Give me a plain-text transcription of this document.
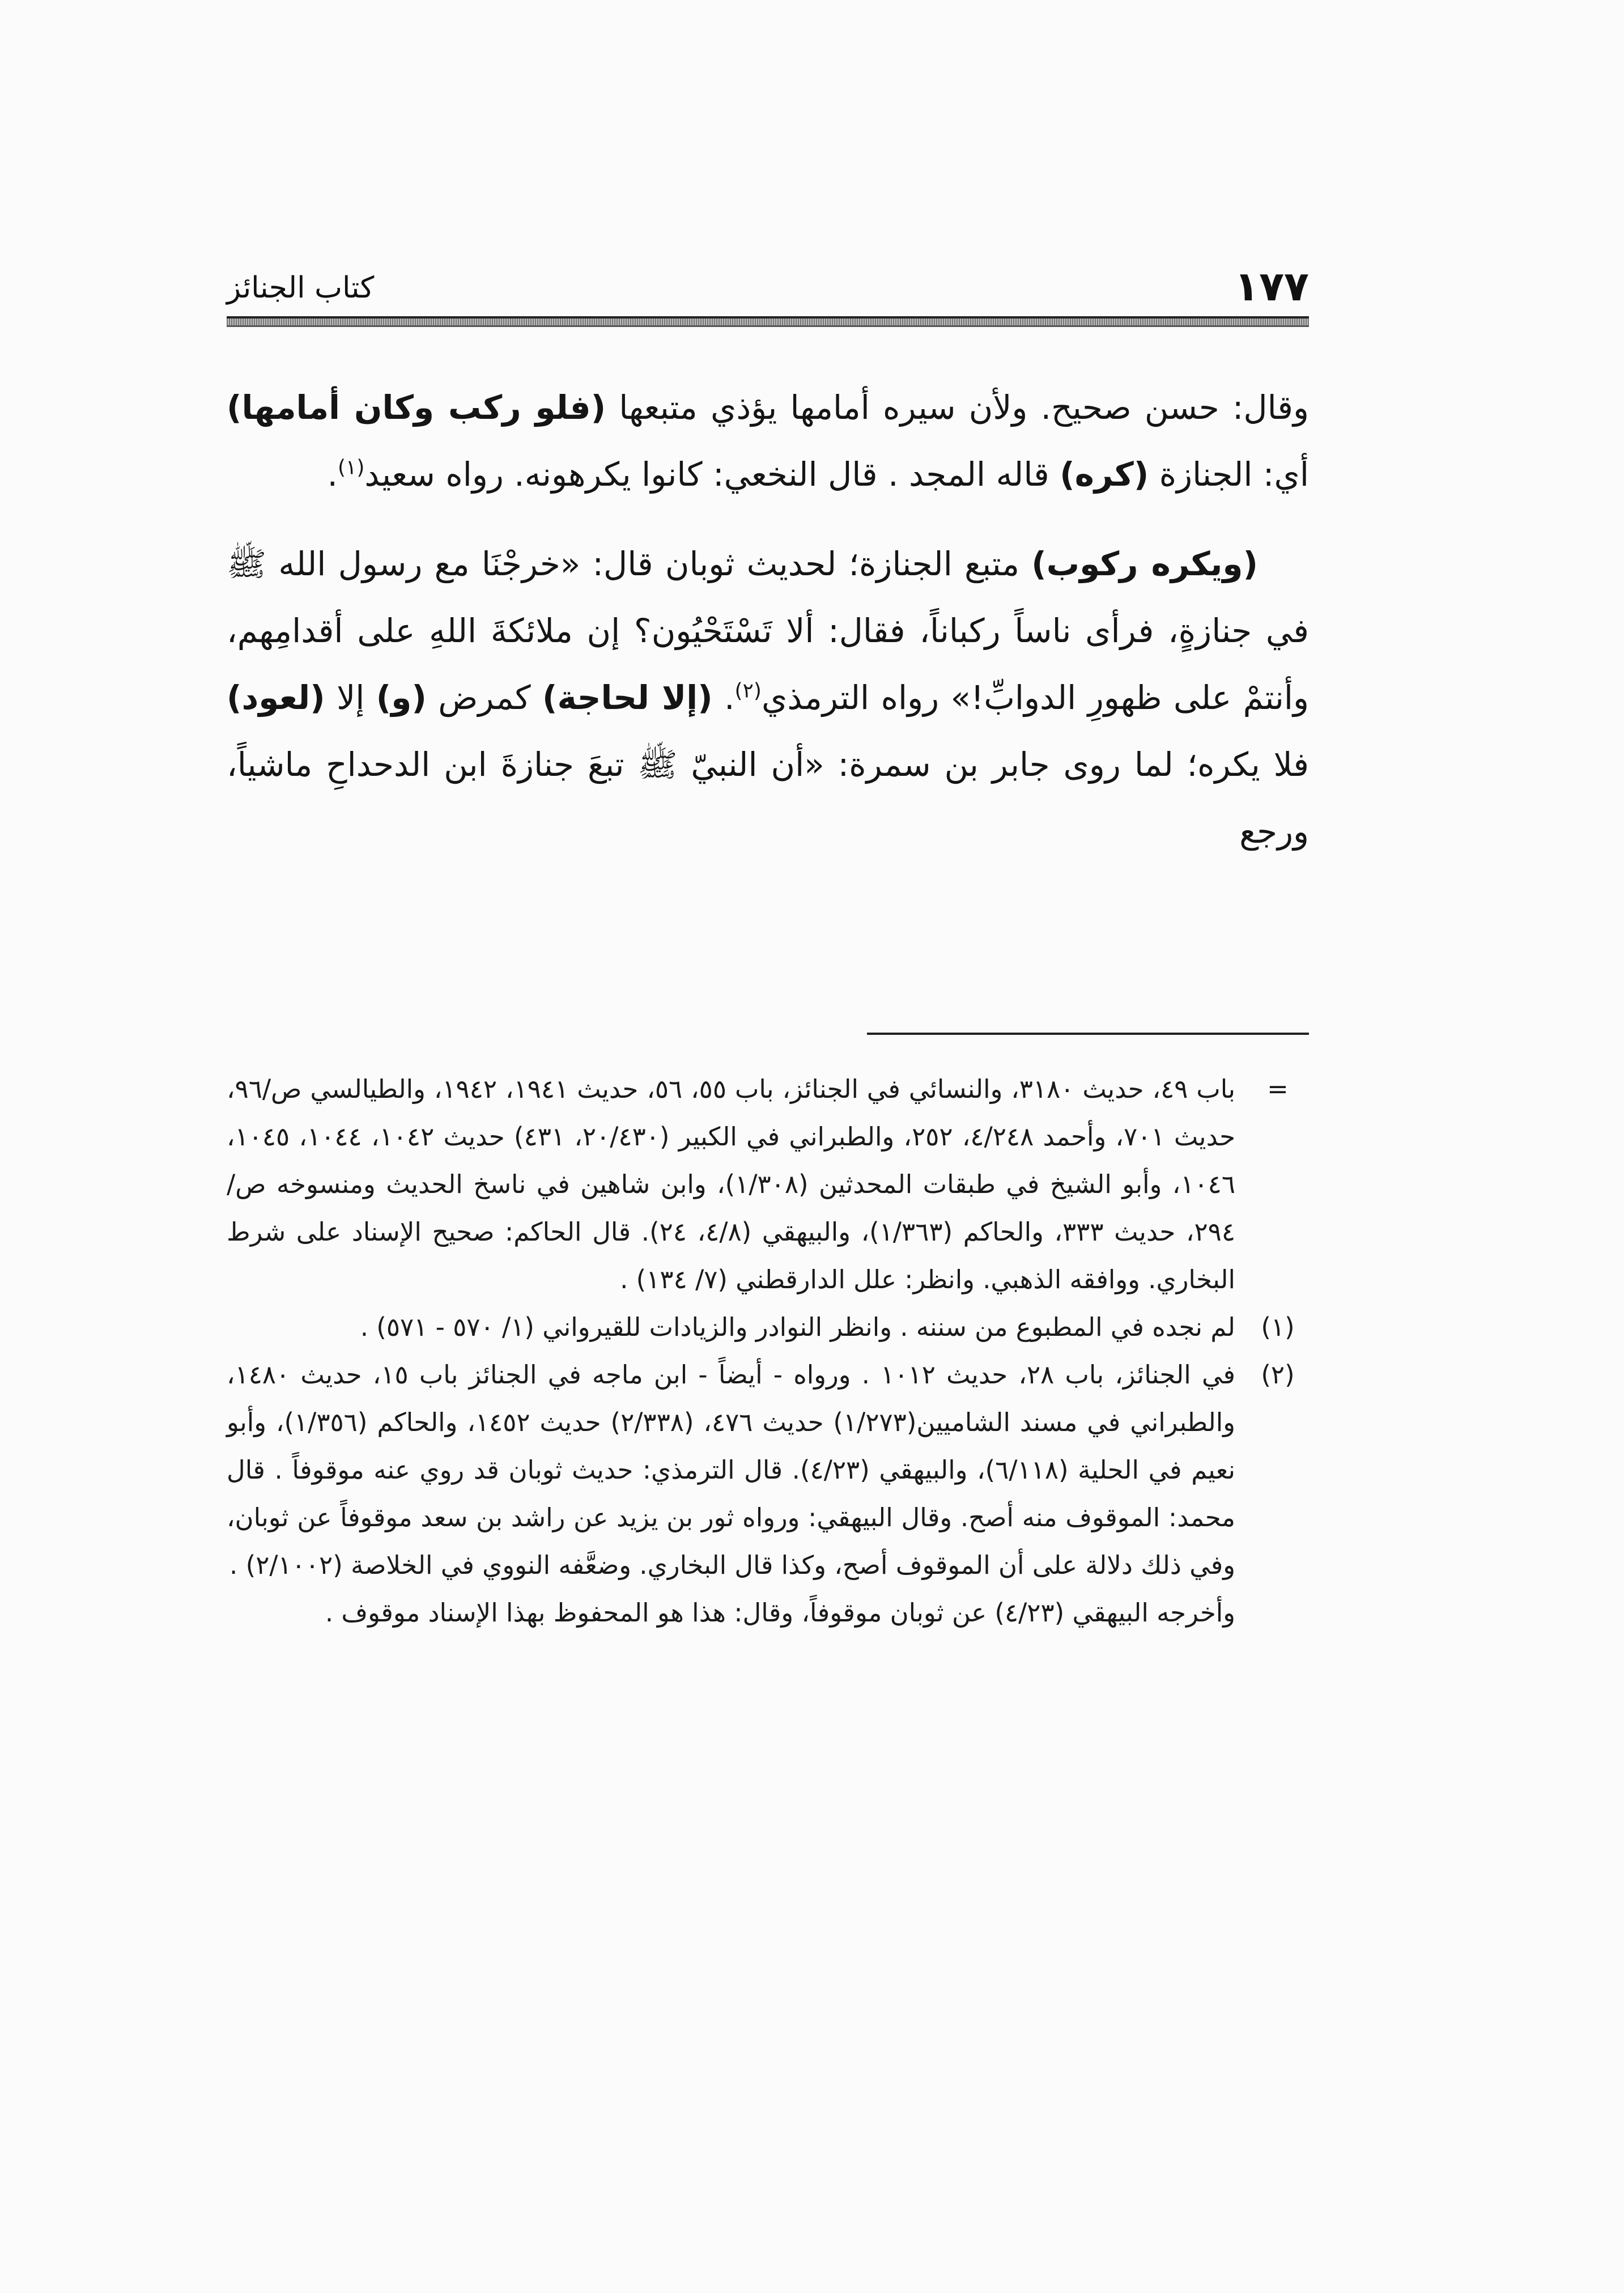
١٧٧
كتاب الجنائز

وقال: حسن صحيح. ولأن سيره أمامها يؤذي متبعها (فلو ركب وكان أمامها) أي: الجنازة (كره) قاله المجد . قال النخعي: كانوا يكرهونه. رواه سعيد$^{(١)}$.

(ويكره ركوب) متبع الجنازة؛ لحديث ثوبان قال: «خرجْنَا مع رسول الله ﷺ في جنازةٍ، فرأى ناساً ركباناً، فقال: ألا تَسْتَحْيُون؟ إن ملائكةَ اللهِ على أقدامِهم، وأنتمْ على ظهورِ الدوابِّ!» رواه الترمذي$^{(٢)}$. (إلا لحاجة) كمرض (و) إلا (لعود) فلا يكره؛ لما روى جابر بن سمرة: «أن النبيّ ﷺ تبعَ جنازةَ ابن الدحداحِ ماشياً، ورجع

=
باب ٤٩، حديث ٣١٨٠، والنسائي في الجنائز، باب ٥٥، ٥٦، حديث ١٩٤١، ١٩٤٢، والطيالسي ص/٩٦، حديث ٧٠١، وأحمد ٤/٢٤٨، ٢٥٢، والطبراني في الكبير (٢٠/٤٣٠، ٤٣١) حديث ١٠٤٢، ١٠٤٤، ١٠٤٥، ١٠٤٦، وأبو الشيخ في طبقات المحدثين (١/٣٠٨)، وابن شاهين في ناسخ الحديث ومنسوخه ص/ ٢٩٤، حديث ٣٣٣، والحاكم (١/٣٦٣)، والبيهقي (٤/٨، ٢٤). قال الحاكم: صحيح الإسناد على شرط البخاري. ووافقه الذهبي. وانظر: علل الدارقطني (٧/ ١٣٤) .

(١)
لم نجده في المطبوع من سننه . وانظر النوادر والزيادات للقيرواني (١/ ٥٧٠ - ٥٧١) .

(٢)
في الجنائز، باب ٢٨، حديث ١٠١٢ . ورواه - أيضاً - ابن ماجه في الجنائز باب ١٥، حديث ١٤٨٠، والطبراني في مسند الشاميين(١/٢٧٣) حديث ٤٧٦، (٢/٣٣٨) حديث ١٤٥٢، والحاكم (١/٣٥٦)، وأبو نعيم في الحلية (٦/١١٨)، والبيهقي (٤/٢٣). قال الترمذي: حديث ثوبان قد روي عنه موقوفاً . قال محمد: الموقوف منه أصح. وقال البيهقي: ورواه ثور بن يزيد عن راشد بن سعد موقوفاً عن ثوبان، وفي ذلك دلالة على أن الموقوف أصح، وكذا قال البخاري. وضعَّفه النووي في الخلاصة (٢/١٠٠٢) .

وأخرجه البيهقي (٤/٢٣) عن ثوبان موقوفاً، وقال: هذا هو المحفوظ بهذا الإسناد موقوف .
